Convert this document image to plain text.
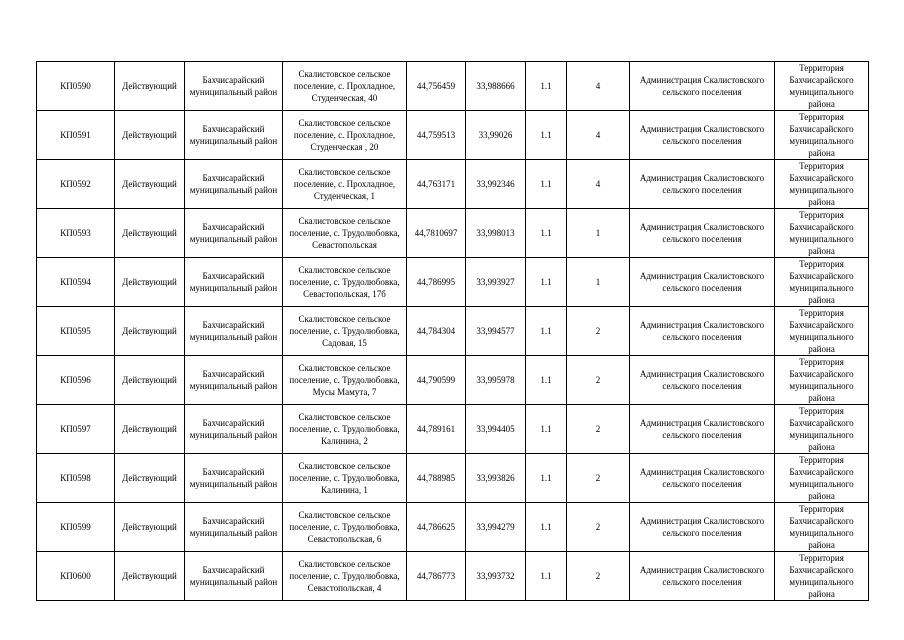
КП0590	Действующий	Бахчисарайский муниципальный район	Скалистовское сельское поселение, с. Прохладное, Студенческая, 40	44,756459	33,988666	1.1	4	Администрация Скалистовского сельского поселения	Территория Бахчисарайского муниципального района

КП0591	Действующий	Бахчисарайский муниципальный район	Скалистовское сельское поселение, с. Прохладное, Студенческая , 20	44,759513	33,99026	1.1	4	Администрация Скалистовского сельского поселения	Территория Бахчисарайского муниципального района

КП0592	Действующий	Бахчисарайский муниципальный район	Скалистовское сельское поселение, с. Прохладное, Студенческая, 1	44,763171	33,992346	1.1	4	Администрация Скалистовского сельского поселения	Территория Бахчисарайского муниципального района

КП0593	Действующий	Бахчисарайский муниципальный район	Скалистовское сельское поселение, с. Трудолюбовка, Севастопольская	44,7810697	33,998013	1.1	1	Администрация Скалистовского сельского поселения	Территория Бахчисарайского муниципального района

КП0594	Действующий	Бахчисарайский муниципальный район	Скалистовское сельское поселение, с. Трудолюбовка, Севастопольская, 17б	44,786995	33,993927	1.1	1	Администрация Скалистовского сельского поселения	Территория Бахчисарайского муниципального района

КП0595	Действующий	Бахчисарайский муниципальный район	Скалистовское сельское поселение, с. Трудолюбовка, Садовая, 15	44,784304	33,994577	1.1	2	Администрация Скалистовского сельского поселения	Территория Бахчисарайского муниципального района

КП0596	Действующий	Бахчисарайский муниципальный район	Скалистовское сельское поселение, с. Трудолюбовка, Мусы Мамута, 7	44,790599	33,995978	1.1	2	Администрация Скалистовского сельского поселения	Территория Бахчисарайского муниципального района

КП0597	Действующий	Бахчисарайский муниципальный район	Скалистовское сельское поселение, с. Трудолюбовка, Калинина, 2	44,789161	33,994405	1.1	2	Администрация Скалистовского сельского поселения	Территория Бахчисарайского муниципального района

КП0598	Действующий	Бахчисарайский муниципальный район	Скалистовское сельское поселение, с. Трудолюбовка, Калинина, 1	44,788985	33,993826	1.1	2	Администрация Скалистовского сельского поселения	Территория Бахчисарайского муниципального района

КП0599	Действующий	Бахчисарайский муниципальный район	Скалистовское сельское поселение, с. Трудолюбовка, Севастопольская, 6	44,786625	33,994279	1.1	2	Администрация Скалистовского сельского поселения	Территория Бахчисарайского муниципального района

КП0600	Действующий	Бахчисарайский муниципальный район	Скалистовское сельское поселение, с. Трудолюбовка, Севастопольская, 4	44,786773	33,993732	1.1	2	Администрация Скалистовского сельского поселения	Территория Бахчисарайского муниципального района
